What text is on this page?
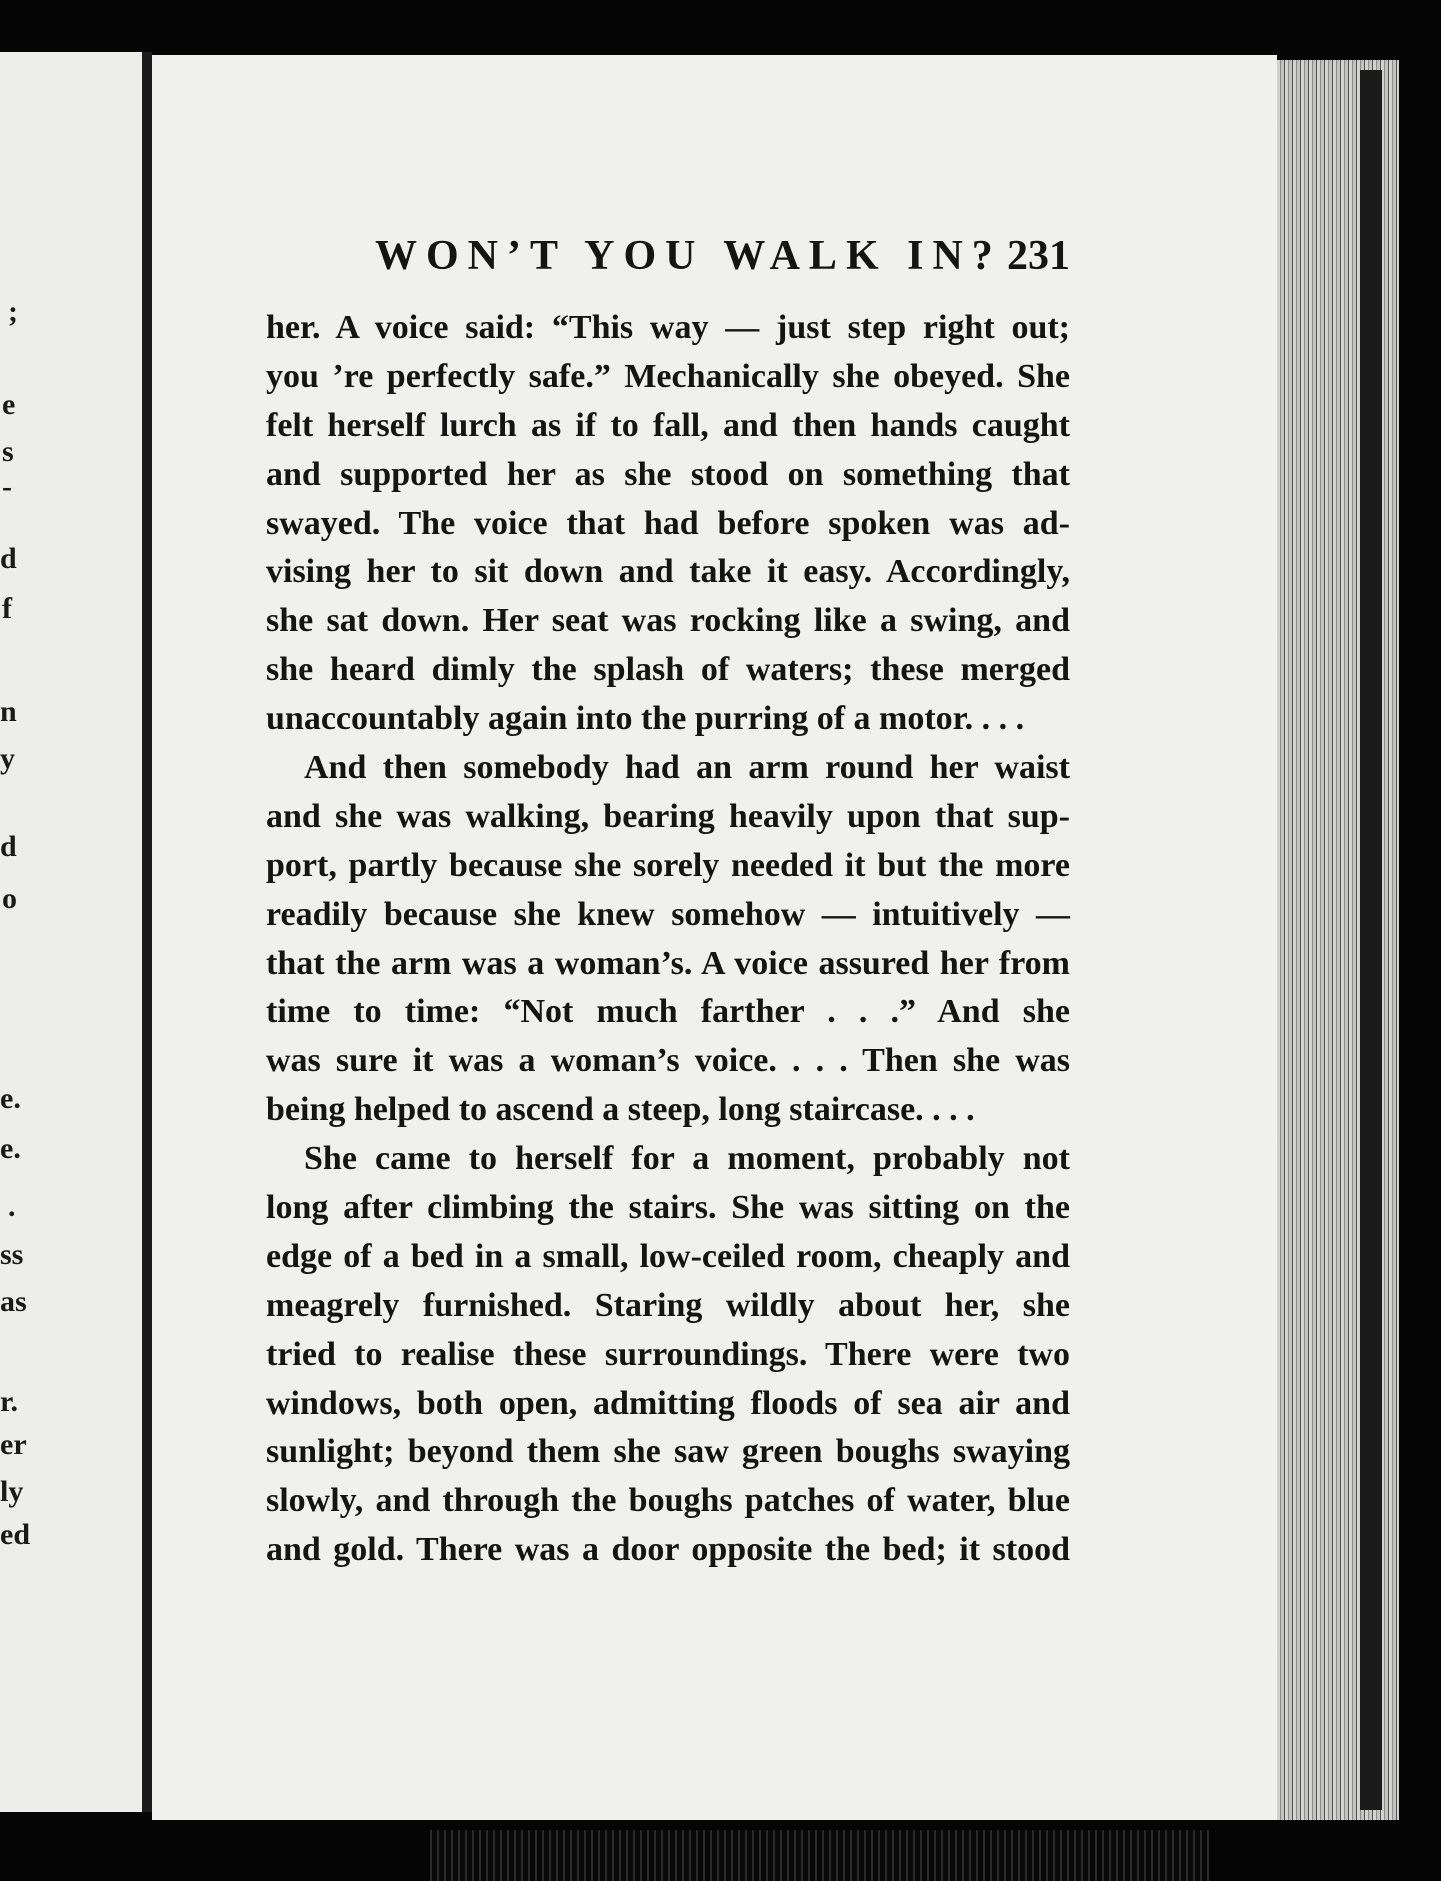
;
e
s
-
d
f
n
y
d
o
e.
e.
.
ss
as
r.
er
ly
ed
WON’T YOU WALK IN? 231
her. A voice said: “This way — just step right out;
you ’re perfectly safe.” Mechanically she obeyed. She
felt herself lurch as if to fall, and then hands caught
and supported her as she stood on something that
swayed. The voice that had before spoken was ad-
vising her to sit down and take it easy. Accordingly,
she sat down. Her seat was rocking like a swing, and
she heard dimly the splash of waters; these merged
unaccountably again into the purring of a motor. . . .
And then somebody had an arm round her waist
and she was walking, bearing heavily upon that sup-
port, partly because she sorely needed it but the more
readily because she knew somehow — intuitively —
that the arm was a woman’s. A voice assured her from
time to time: “Not much farther . . .” And she
was sure it was a woman’s voice. . . . Then she was
being helped to ascend a steep, long staircase. . . .
She came to herself for a moment, probably not
long after climbing the stairs. She was sitting on the
edge of a bed in a small, low-ceiled room, cheaply and
meagrely furnished. Staring wildly about her, she
tried to realise these surroundings. There were two
windows, both open, admitting floods of sea air and
sunlight; beyond them she saw green boughs swaying
slowly, and through the boughs patches of water, blue
and gold. There was a door opposite the bed; it stood
